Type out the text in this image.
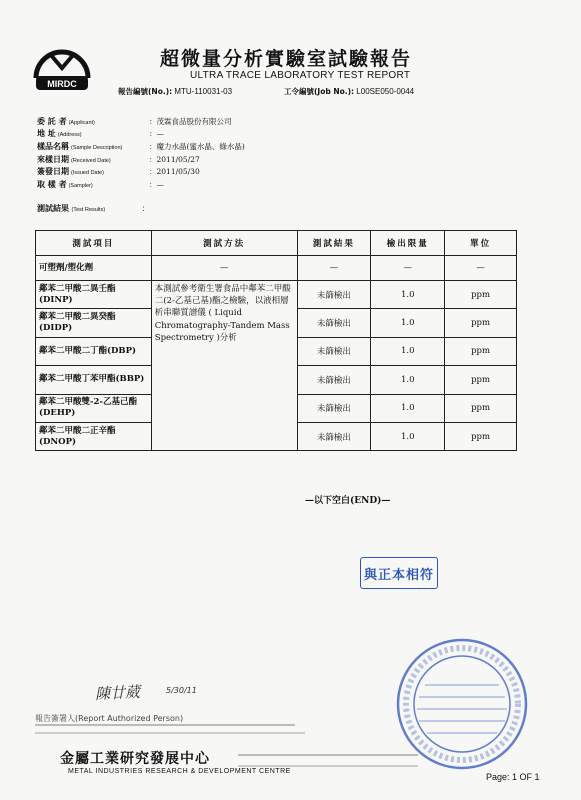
MIRDC
超微量分析實驗室試驗報告
ULTRA TRACE LABORATORY TEST REPORT
報告編號(No.): MTU-110031-03	工令編號(Job No.): L00SE050-0044
委 託 者 (Applicant)	：茂霖食品股份有限公司
地 址 (Address)	：—
樣品名稱 (Sample Description)	：魔力水晶(蜜水晶、綠水晶)
來樣日期 (Received Date)	：2011/05/27
簽發日期 (Issued Date)	：2011/05/30
取 樣 者 (Sampler)	：—
測試結果 (Test Results)	：
測試項目	測試方法	測試結果	檢出限量	單位
可塑劑/塑化劑	—	—	—	—
鄰苯二甲酸二異壬酯(DINP)	本測試參考衛生署食品中鄰苯二甲酸二(2-乙基己基)酯之檢驗，以液相層析串聯質譜儀 ( Liquid Chromatography-Tandem Mass Spectrometry )分析	未篩檢出	1.0	ppm
鄰苯二甲酸二異癸酯(DIDP)		未篩檢出	1.0	ppm
鄰苯二甲酸二丁酯(DBP)		未篩檢出	1.0	ppm
鄰苯二甲酸丁苯甲酯(BBP)		未篩檢出	1.0	ppm
鄰苯二甲酸雙-2-乙基己酯(DEHP)		未篩檢出	1.0	ppm
鄰苯二甲酸二正辛酯(DNOP)		未篩檢出	1.0	ppm
—以下空白(END)—
與正本相符
陳廿葳	5/30/11
報告簽署人(Report Authorized Person)
金屬工業研究發展中心
METAL INDUSTRIES RESEARCH & DEVELOPMENT CENTRE
Page: 1 OF 1
